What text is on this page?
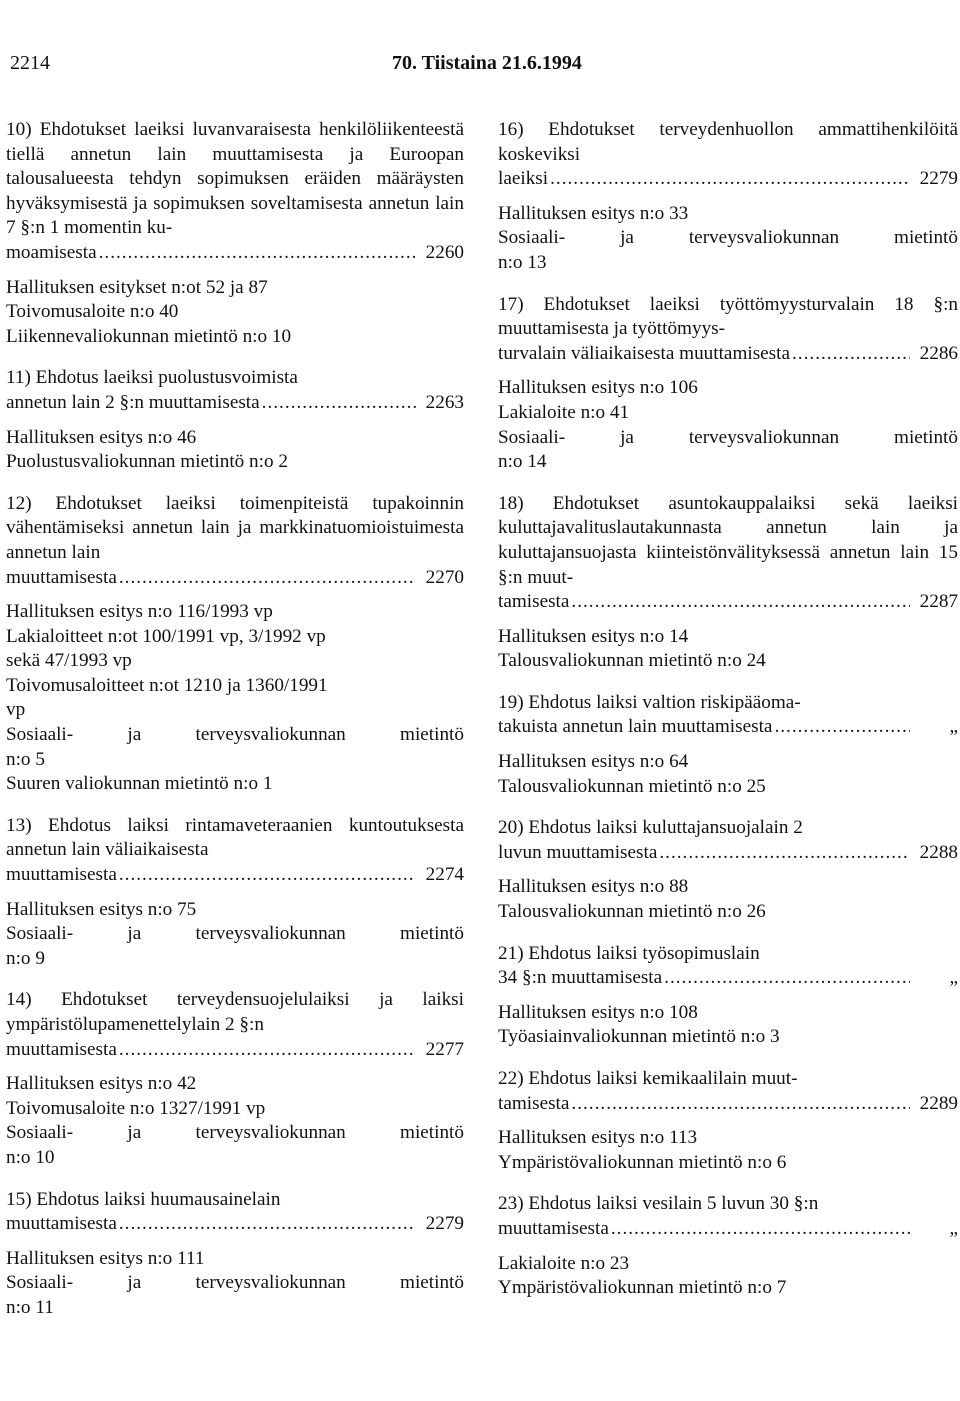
2214	70. Tiistaina 21.6.1994
10) Ehdotukset laeiksi luvanvaraisesta henkilöliikenteestä tiellä annetun lain muuttamisesta ja Euroopan talousalueesta tehdyn sopimuksen eräiden määräysten hyväksymisestä ja sopimuksen soveltamisesta annetun lain 7 §:n 1 momentin ku-
moamisesta .....	2260
Hallituksen esitykset n:ot 52 ja 87
Toivomusaloite n:o 40
Liikennevaliokunnan mietintö n:o 10
11) Ehdotus laeiksi puolustusvoimista
annetun lain 2 §:n muuttamisesta .....	2263
Hallituksen esitys n:o 46
Puolustusvaliokunnan mietintö n:o 2
12) Ehdotukset laeiksi toimenpiteistä tupakoinnin vähentämiseksi annetun lain ja markkinatuomioistuimesta annetun lain
muuttamisesta .....	2270
Hallituksen esitys n:o 116/1993 vp
Lakialoitteet n:ot 100/1991 vp, 3/1992 vp
sekä 47/1993 vp
Toivomusaloitteet n:ot 1210 ja 1360/1991
vp
Sosiaali- ja terveysvaliokunnan mietintö
n:o 5
Suuren valiokunnan mietintö n:o 1
13) Ehdotus laiksi rintamaveteraanien kuntoutuksesta annetun lain väliaikaisesta
muuttamisesta .....	2274
Hallituksen esitys n:o 75
Sosiaali- ja terveysvaliokunnan mietintö
n:o 9
14) Ehdotukset terveydensuojelulaiksi ja laiksi ympäristölupamenettelylain 2 §:n
muuttamisesta .....	2277
Hallituksen esitys n:o 42
Toivomusaloite n:o 1327/1991 vp
Sosiaali- ja terveysvaliokunnan mietintö
n:o 10
15) Ehdotus laiksi huumausainelain
muuttamisesta .....	2279
Hallituksen esitys n:o 111
Sosiaali- ja terveysvaliokunnan mietintö
n:o 11
16) Ehdotukset terveydenhuollon ammattihenkilöitä koskeviksi
laeiksi .....	2279
Hallituksen esitys n:o 33
Sosiaali- ja terveysvaliokunnan mietintö
n:o 13
17) Ehdotukset laeiksi työttömyysturvalain 18 §:n muuttamisesta ja työttömyys-
turvalain väliaikaisesta muuttamisesta .....	2286
Hallituksen esitys n:o 106
Lakialoite n:o 41
Sosiaali- ja terveysvaliokunnan mietintö
n:o 14
18) Ehdotukset asuntokauppalaiksi sekä laeiksi kuluttajavalituslautakunnasta annetun lain ja kuluttajansuojasta kiinteistönvälityksessä annetun lain 15 §:n muut-
tamisesta .....	2287
Hallituksen esitys n:o 14
Talousvaliokunnan mietintö n:o 24
19) Ehdotus laiksi valtion riskipääoma-
takuista annetun lain muuttamisesta .....	„
Hallituksen esitys n:o 64
Talousvaliokunnan mietintö n:o 25
20) Ehdotus laiksi kuluttajansuojalain 2
luvun muuttamisesta .....	2288
Hallituksen esitys n:o 88
Talousvaliokunnan mietintö n:o 26
21) Ehdotus laiksi työsopimuslain
34 §:n muuttamisesta .....	„
Hallituksen esitys n:o 108
Työasiainvaliokunnan mietintö n:o 3
22) Ehdotus laiksi kemikaalilain muut-
tamisesta .....	2289
Hallituksen esitys n:o 113
Ympäristövaliokunnan mietintö n:o 6
23) Ehdotus laiksi vesilain 5 luvun 30 §:n
muuttamisesta .....	„
Lakialoite n:o 23
Ympäristövaliokunnan mietintö n:o 7
